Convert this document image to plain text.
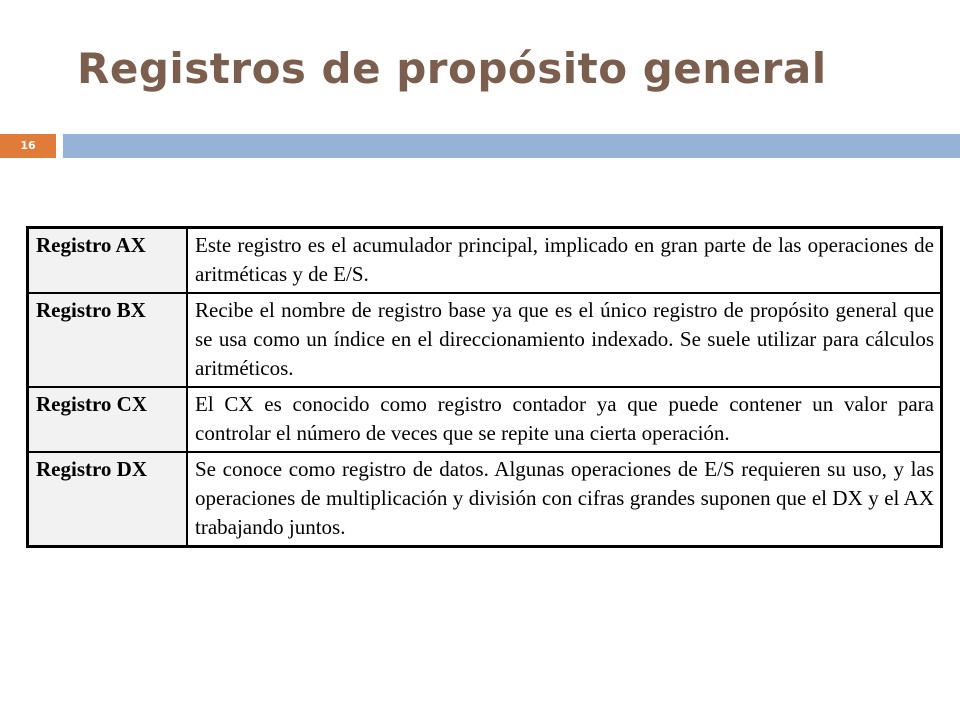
Registros de propósito general
16
Registro AX	Este registro es el acumulador principal, implicado en gran parte de las operaciones de aritméticas y de E/S.
Registro BX	Recibe el nombre de registro base ya que es el único registro de propósito general que se usa como un índice en el direccionamiento indexado. Se suele utilizar para cálculos aritméticos.
Registro CX	El CX es conocido como registro contador ya que puede contener un valor para controlar el número de veces que se repite una cierta operación.
Registro DX	Se conoce como registro de datos. Algunas operaciones de E/S requieren su uso, y las operaciones de multiplicación y división con cifras grandes suponen que el DX y el AX trabajando juntos.
